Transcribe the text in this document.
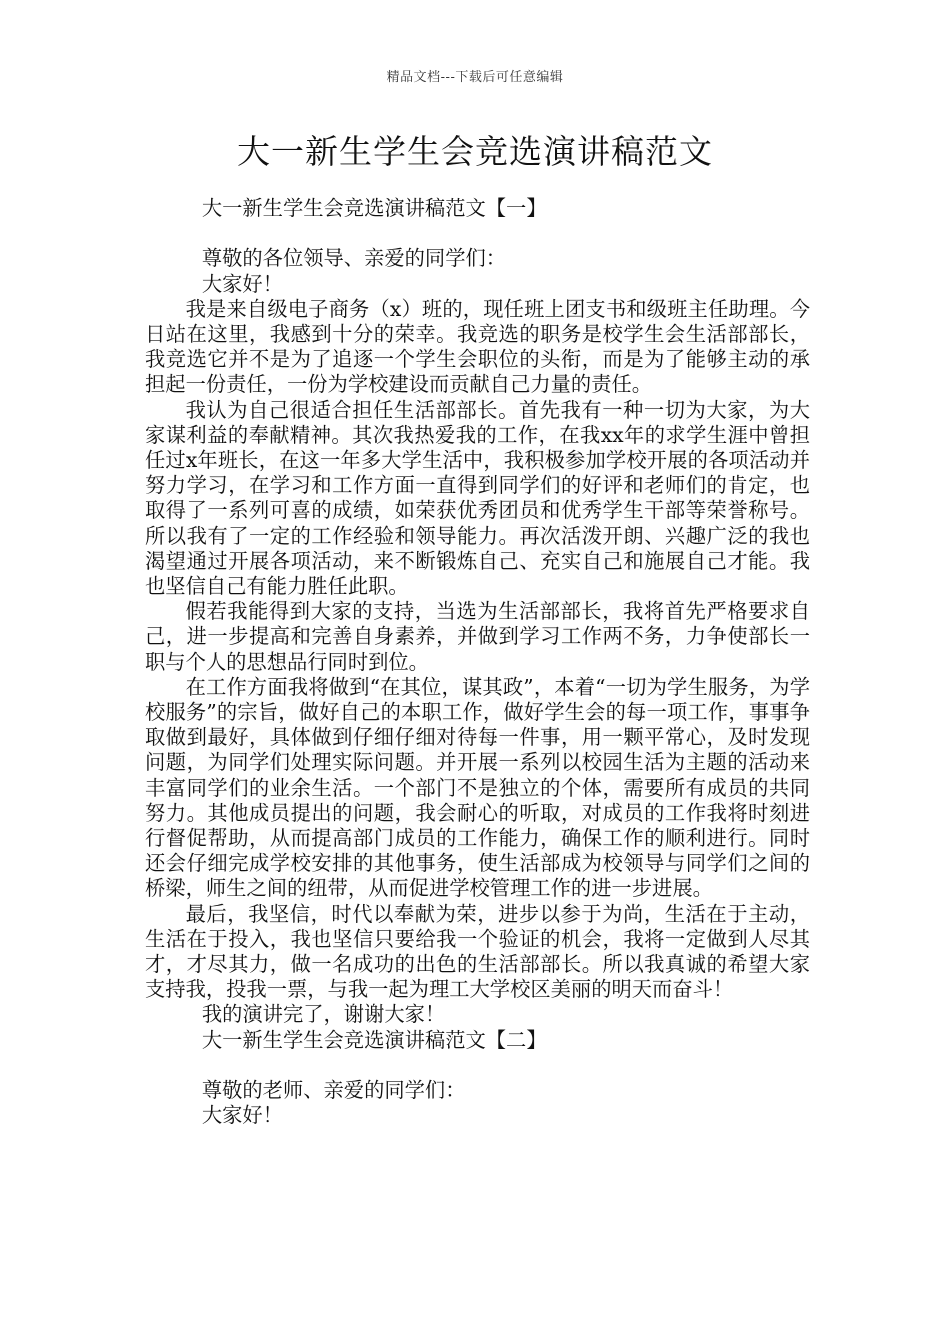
精品文档---下载后可任意编辑
大一新生学生会竞选演讲稿范文

大一新生学生会竞选演讲稿范文【一】

尊敬的各位领导、亲爱的同学们：

大家好！

我是来自级电子商务（x）班的，现任班上团支书和级班主任助理。今日站在这里，我感到十分的荣幸。我竞选的职务是校学生会生活部部长，我竞选它并不是为了追逐一个学生会职位的头衔，而是为了能够主动的承担起一份责任，一份为学校建设而贡献自己力量的责任。

我认为自己很适合担任生活部部长。首先我有一种一切为大家，为大家谋利益的奉献精神。其次我热爱我的工作，在我xx年的求学生涯中曾担任过x年班长，在这一年多大学生活中，我积极参加学校开展的各项活动并努力学习，在学习和工作方面一直得到同学们的好评和老师们的肯定，也取得了一系列可喜的成绩，如荣获优秀团员和优秀学生干部等荣誉称号。所以我有了一定的工作经验和领导能力。再次活泼开朗、兴趣广泛的我也渴望通过开展各项活动，来不断锻炼自己、充实自己和施展自己才能。我也坚信自己有能力胜任此职。

假若我能得到大家的支持，当选为生活部部长，我将首先严格要求自己，进一步提高和完善自身素养，并做到学习工作两不务，力争使部长一职与个人的思想品行同时到位。

在工作方面我将做到“在其位，谋其政”，本着“一切为学生服务，为学校服务”的宗旨，做好自己的本职工作，做好学生会的每一项工作，事事争取做到最好，具体做到仔细仔细对待每一件事，用一颗平常心，及时发现问题，为同学们处理实际问题。并开展一系列以校园生活为主题的活动来丰富同学们的业余生活。一个部门不是独立的个体，需要所有成员的共同努力。其他成员提出的问题，我会耐心的听取，对成员的工作我将时刻进行督促帮助，从而提高部门成员的工作能力，确保工作的顺利进行。同时还会仔细完成学校安排的其他事务，使生活部成为校领导与同学们之间的桥梁，师生之间的纽带，从而促进学校管理工作的进一步进展。

最后，我坚信，时代以奉献为荣，进步以参于为尚，生活在于主动，生活在于投入，我也坚信只要给我一个验证的机会，我将一定做到人尽其才，才尽其力，做一名成功的出色的生活部部长。所以我真诚的希望大家支持我，投我一票，与我一起为理工大学校区美丽的明天而奋斗！

我的演讲完了，谢谢大家！

大一新生学生会竞选演讲稿范文【二】

尊敬的老师、亲爱的同学们：

大家好！
